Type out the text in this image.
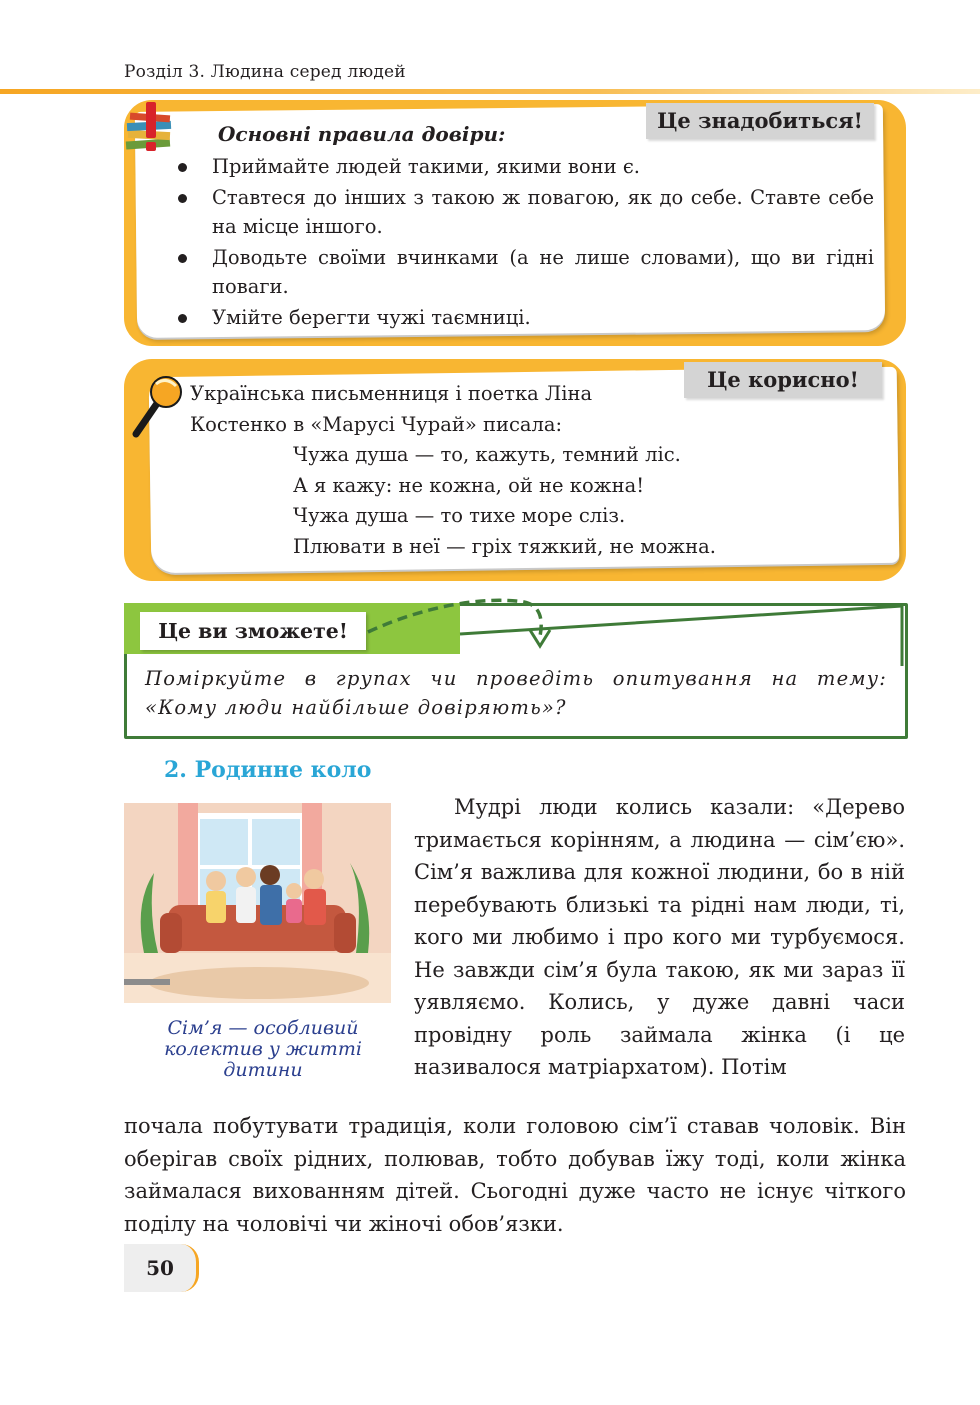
Розділ 3. Людина серед людей
Це знадобиться!
Основні правила довіри:
Приймайте людей такими, якими вони є.
Ставтеся до інших з такою ж повагою, як до себе. Ставте себе на місце іншого.
Доводьте своїми вчинками (а не лише словами), що ви гідні поваги.
Умійте берегти чужі таємниці.
Це корисно!
Українська письменниця і поетка Ліна Костенко в «Марусі Чурай» писала:
Чужа душа — то, кажуть, темний ліс.
А я кажу: не кожна, ой не кожна!
Чужа душа — то тихе море сліз.
Плювати в неї — гріх тяжкий, не можна.
Це ви зможете!
Поміркуйте в групах чи проведіть опитування на тему: «Кому люди найбільше довіряють»?
2. Родинне коло
Сім’я — особливий колектив у житті дитини
Мудрі люди колись казали: «Дерево тримається корінням, а людина — сім’єю». Сім’я важлива для кожної людини, бо в ній перебувають близькі та рідні нам люди, ті, кого ми любимо і про кого ми турбуємося. Не завжди сім’я була такою, як ми зараз її уявляємо. Колись, у дуже давні часи провідну роль займала жінка (і це називалося матріархатом). Потім
почала побутувати традиція, коли головою сім’ї ставав чоловік. Він оберігав своїх рідних, полював, тобто добував їжу тоді, коли жінка займалася вихованням дітей. Сьогодні дуже часто не існує чіткого поділу на чоловічі чи жіночі обов’язки.
50
